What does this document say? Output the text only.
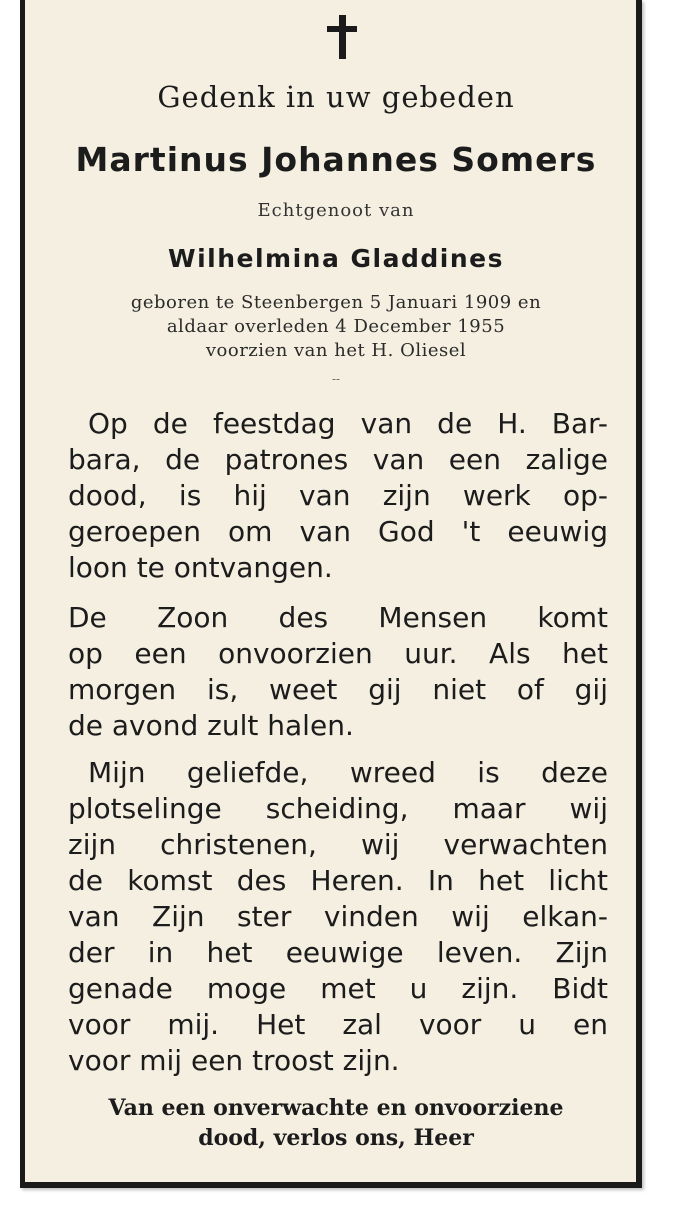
Gedenk in uw gebeden
Martinus Johannes Somers
Echtgenoot van
Wilhelmina Gladdines
geboren te Steenbergen 5 Januari 1909 en
aldaar overleden 4 December 1955
voorzien van het H. Oliesel
--
Op de feestdag van de H. Bar-
bara, de patrones van een zalige
dood, is hij van zijn werk op-
geroepen om van God 't eeuwig
loon te ontvangen.
De Zoon des Mensen komt
op een onvoorzien uur. Als het
morgen is, weet gij niet of gij
de avond zult halen.
Mijn geliefde, wreed is deze
plotselinge scheiding, maar wij
zijn christenen, wij verwachten
de komst des Heren. In het licht
van Zijn ster vinden wij elkan-
der in het eeuwige leven. Zijn
genade moge met u zijn. Bidt
voor mij. Het zal voor u en
voor mij een troost zijn.
Van een onverwachte en onvoorziene
dood, verlos ons, Heer
